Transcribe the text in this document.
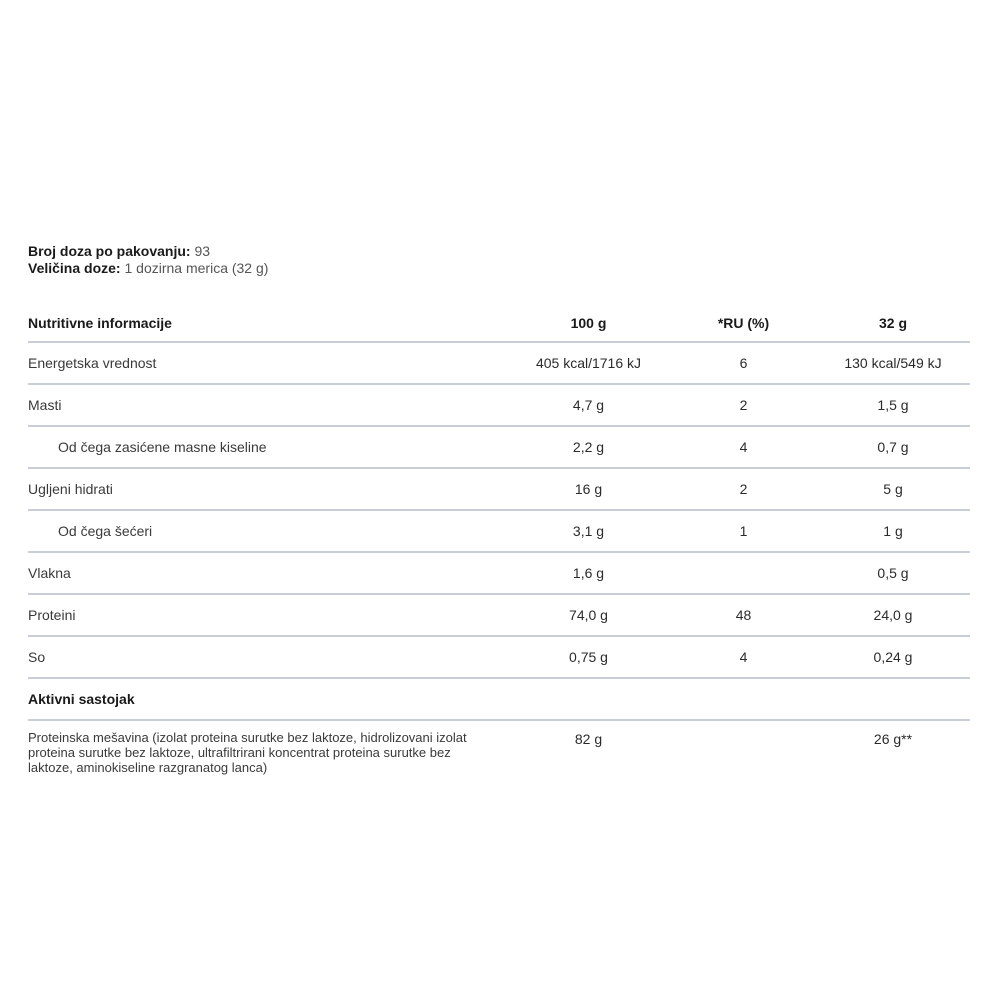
Broj doza po pakovanju: 93
Veličina doze: 1 dozirna merica (32 g)
Nutritivne informacije	100 g	*RU (%)	32 g
Energetska vrednost	405 kcal/1716 kJ	6	130 kcal/549 kJ
Masti	4,7 g	2	1,5 g
Od čega zasićene masne kiseline	2,2 g	4	0,7 g
Ugljeni hidrati	16 g	2	5 g
Od čega šećeri	3,1 g	1	1 g
Vlakna	1,6 g		0,5 g
Proteini	74,0 g	48	24,0 g
So	0,75 g	4	0,24 g
Aktivni sastojak			
Proteinska mešavina (izolat proteina surutke bez laktoze, hidrolizovani izolat proteina surutke bez laktoze, ultrafiltrirani koncentrat proteina surutke bez laktoze, aminokiseline razgranatog lanca)	82 g		26 g**
